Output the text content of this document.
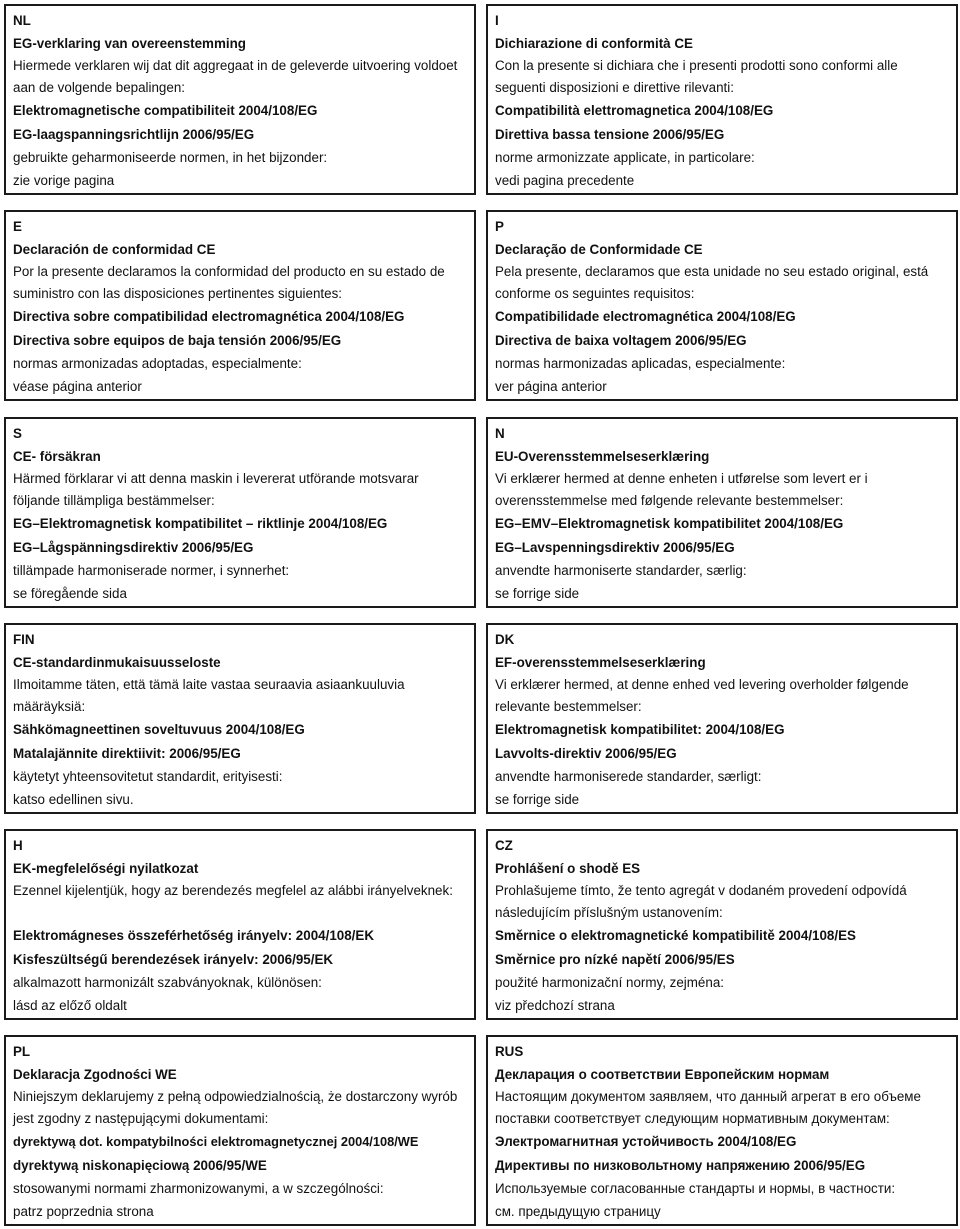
NL
EG-verklaring van overeenstemming
Hiermede verklaren wij dat dit aggregaat in de geleverde uitvoering voldoet aan de volgende bepalingen:
Elektromagnetische compatibiliteit 2004/108/EG
EG-laagspanningsrichtlijn 2006/95/EG
gebruikte geharmoniseerde normen, in het bijzonder:
zie vorige pagina
I
Dichiarazione di conformità CE
Con la presente si dichiara che i presenti prodotti sono conformi alle seguenti disposizioni e direttive rilevanti:
Compatibilità elettromagnetica 2004/108/EG
Direttiva bassa tensione 2006/95/EG
norme armonizzate applicate, in particolare:
vedi pagina precedente
E
Declaración de conformidad CE
Por la presente declaramos la conformidad del producto en su estado de suministro con las disposiciones pertinentes siguientes:
Directiva sobre compatibilidad electromagnética 2004/108/EG
Directiva sobre equipos de baja tensión 2006/95/EG
normas armonizadas adoptadas, especialmente:
véase página anterior
P
Declaração de Conformidade CE
Pela presente, declaramos que esta unidade no seu estado original, está conforme os seguintes requisitos:
Compatibilidade electromagnética 2004/108/EG
Directiva de baixa voltagem 2006/95/EG
normas harmonizadas aplicadas, especialmente:
ver página anterior
S
CE- försäkran
Härmed förklarar vi att denna maskin i levererat utförande motsvarar följande tillämpliga bestämmelser:
EG–Elektromagnetisk kompatibilitet – riktlinje 2004/108/EG
EG–Lågspänningsdirektiv 2006/95/EG
tillämpade harmoniserade normer, i synnerhet:
se föregående sida
N
EU-Overensstemmelseserklæring
Vi erklærer hermed at denne enheten i utførelse som levert er i overensstemmelse med følgende relevante bestemmelser:
EG–EMV–Elektromagnetisk kompatibilitet 2004/108/EG
EG–Lavspenningsdirektiv 2006/95/EG
anvendte harmoniserte standarder, særlig:
se forrige side
FIN
CE-standardinmukaisuusseloste
Ilmoitamme täten, että tämä laite vastaa seuraavia asiaankuuluvia määräyksiä:
Sähkömagneettinen soveltuvuus 2004/108/EG
Matalajännite direktiivit: 2006/95/EG
käytetyt yhteensovitetut standardit, erityisesti:
katso edellinen sivu.
DK
EF-overensstemmelseserklæring
Vi erklærer hermed, at denne enhed ved levering overholder følgende relevante bestemmelser:
Elektromagnetisk kompatibilitet: 2004/108/EG
Lavvolts-direktiv 2006/95/EG
anvendte harmoniserede standarder, særligt:
se forrige side
H
EK-megfelelőségi nyilatkozat
Ezennel kijelentjük, hogy az berendezés megfelel az alábbi irányelveknek:
Elektromágneses összeférhetőség irányelv: 2004/108/EK
Kisfeszültségű berendezések irányelv: 2006/95/EK
alkalmazott harmonizált szabványoknak, különösen:
lásd az előző oldalt
CZ
Prohlášení o shodě ES
Prohlašujeme tímto, že tento agregát v dodaném provedení odpovídá následujícím příslušným ustanovením:
Směrnice o elektromagnetické kompatibilitě 2004/108/ES
Směrnice pro nízké napětí 2006/95/ES
použité harmonizační normy, zejména:
viz předchozí strana
PL
Deklaracja Zgodności WE
Niniejszym deklarujemy z pełną odpowiedzialnością, że dostarczony wyrób jest zgodny z następującymi dokumentami:
dyrektywą dot. kompatybilności elektromagnetycznej 2004/108/WE
dyrektywą niskonapięciową 2006/95/WE
stosowanymi normami zharmonizowanymi, a w szczególności:
patrz poprzednia strona
RUS
Декларация о соответствии Европейским нормам
Настоящим документом заявляем, что данный агрегат в его объеме поставки соответствует следующим нормативным документам:
Электромагнитная устойчивость 2004/108/EG
Директивы по низковольтному напряжению 2006/95/EG
Используемые согласованные стандарты и нормы, в частности:
см. предыдущую страницу
